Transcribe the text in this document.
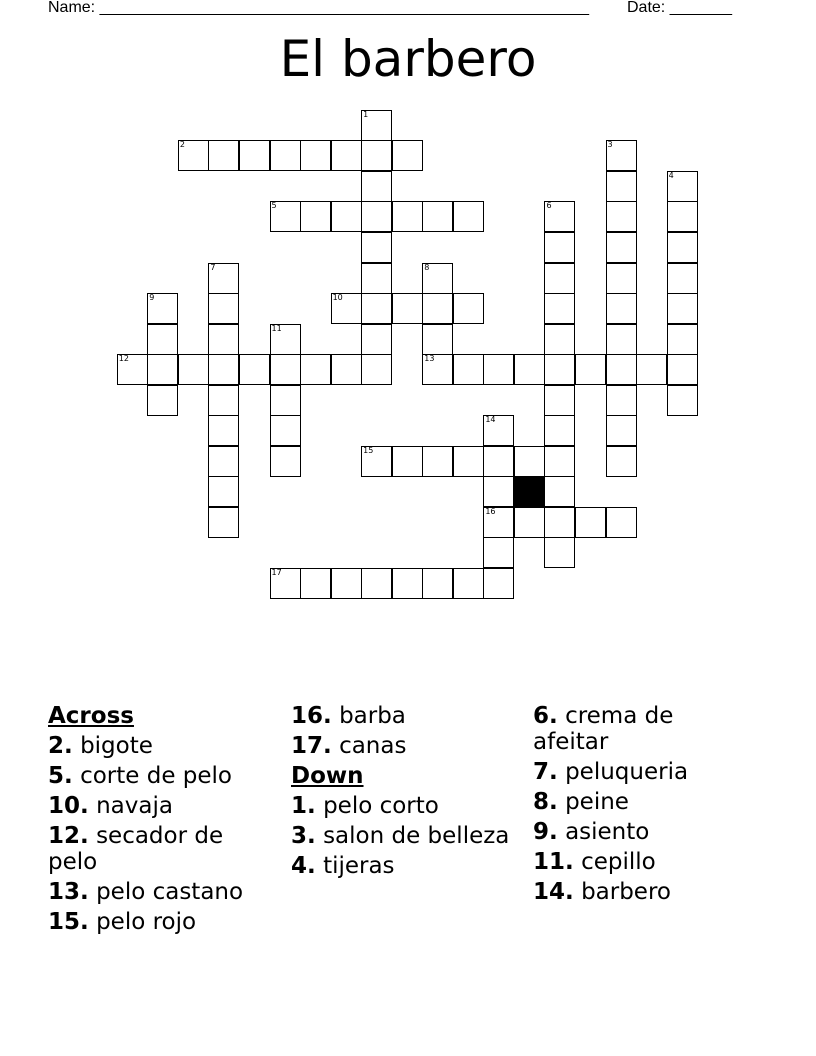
Name: _______________________________________________________ Date: _______
El barbero
1
2	3
4
5	6
7	8
9	10
11
12	13
14
15
16
17
Across
2. bigote
5. corte de pelo
10. navaja
12. secador de pelo
13. pelo castano
15. pelo rojo
16. barba
17. canas
Down
1. pelo corto
3. salon de belleza
4. tijeras
6. crema de afeitar
7. peluqueria
8. peine
9. asiento
11. cepillo
14. barbero
